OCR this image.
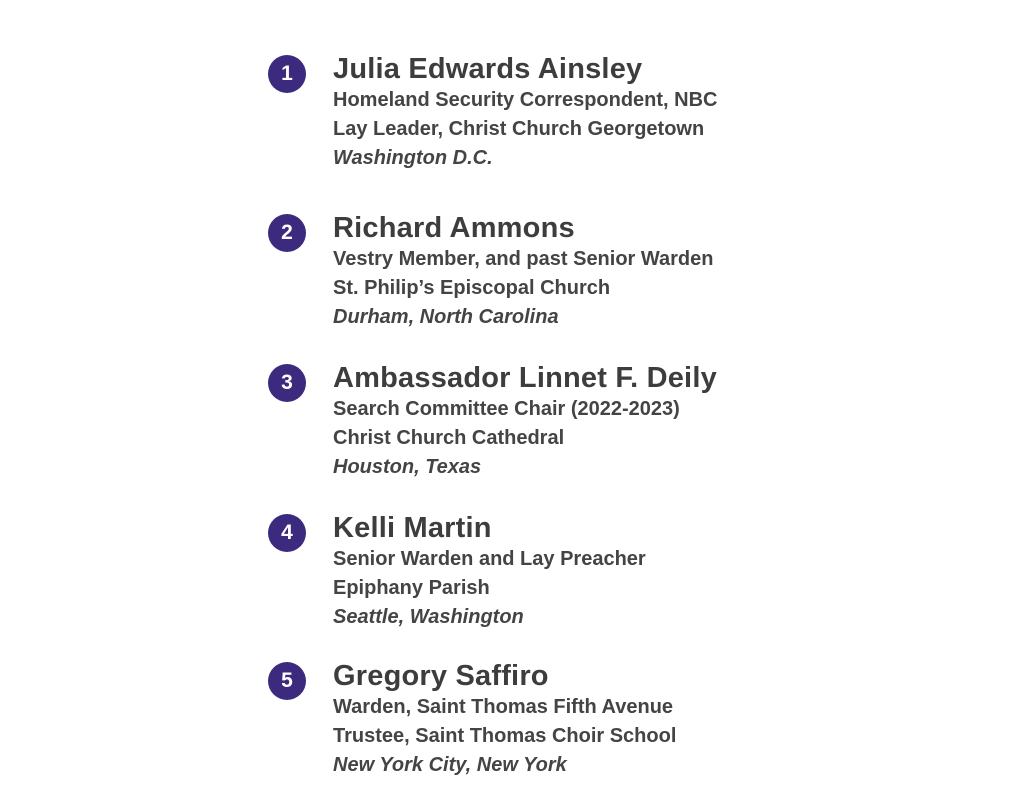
1	Julia Edwards Ainsley
Homeland Security Correspondent, NBC
Lay Leader, Christ Church Georgetown
Washington D.C.
2	Richard Ammons
Vestry Member, and past Senior Warden
St. Philip’s Episcopal Church
Durham, North Carolina
3	Ambassador Linnet F. Deily
Search Committee Chair (2022-2023)
Christ Church Cathedral
Houston, Texas
4	Kelli Martin
Senior Warden and Lay Preacher
Epiphany Parish
Seattle, Washington
5	Gregory Saffiro
Warden, Saint Thomas Fifth Avenue
Trustee, Saint Thomas Choir School
New York City, New York
